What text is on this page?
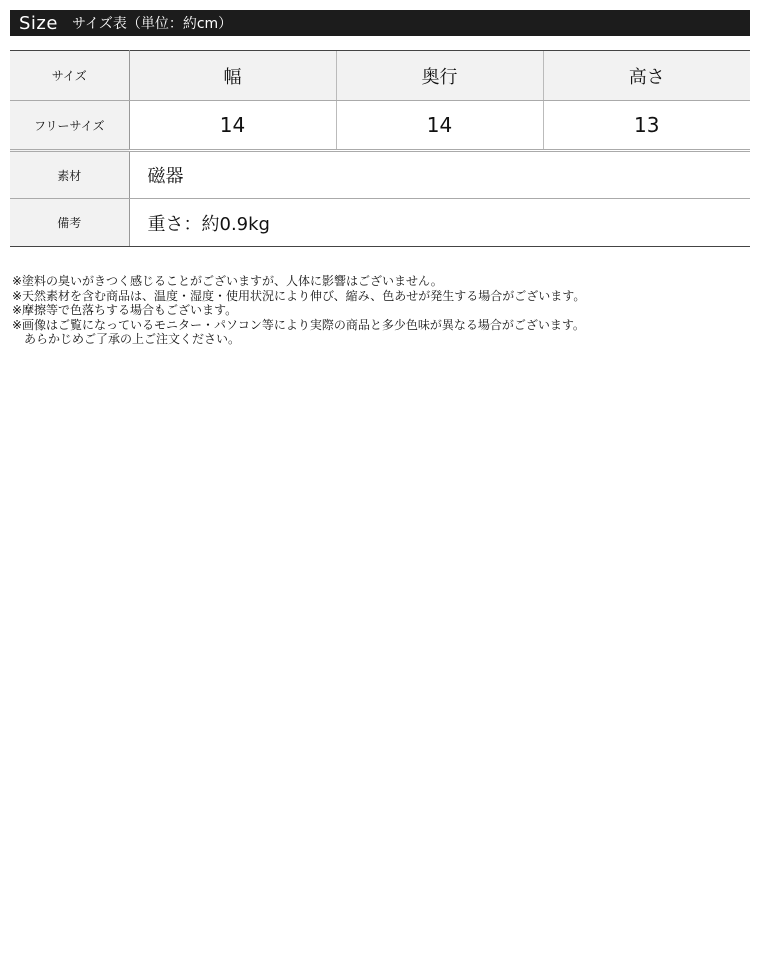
Size サイズ表（単位：約cm）
サイズ	幅	奥行	高さ
フリーサイズ	14	14	13
素材	磁器		
備考	重さ：約0.9kg		
※塗料の臭いがきつく感じることがございますが、人体に影響はございません。
※天然素材を含む商品は、温度・湿度・使用状況により伸び、縮み、色あせが発生する場合がございます。
※摩擦等で色落ちする場合もございます。
※画像はご覧になっているモニター・パソコン等により実際の商品と多少色味が異なる場合がございます。
あらかじめご了承の上ご注文ください。
